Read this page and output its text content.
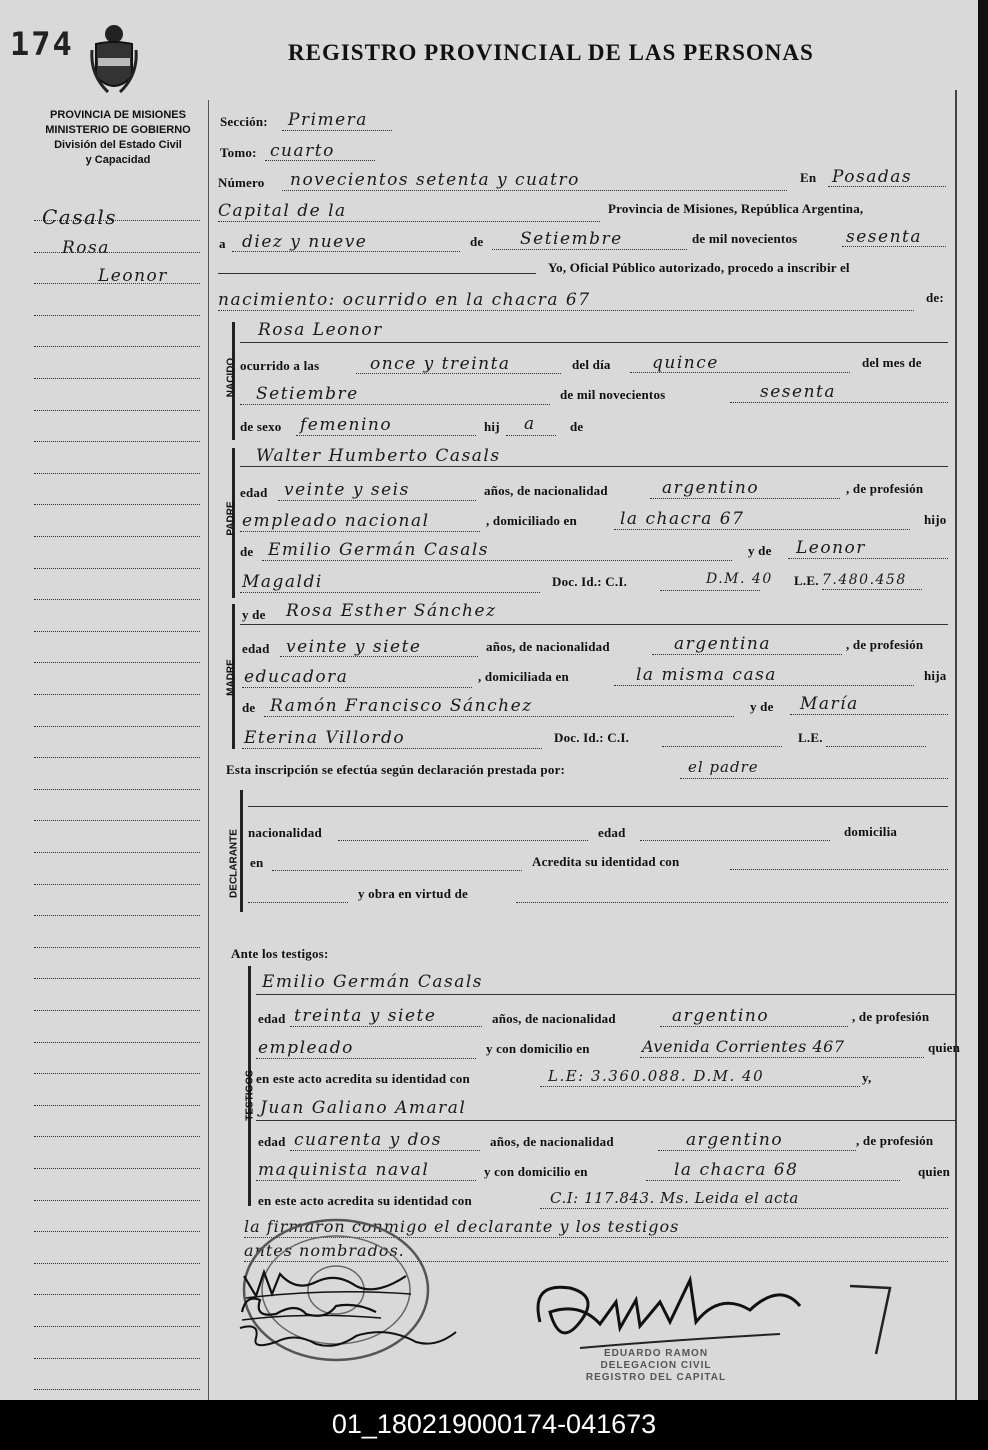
174	REGISTRO PROVINCIAL DE LAS PERSONAS
PROVINCIA DE MISIONES
MINISTERIO DE GOBIERNO
División del Estado Civil
y Capacidad
Casals
Rosa
Leonor
Sección: Primera
Tomo: cuarto
Número novecientos setenta y cuatro	En Posadas
Capital de la	Provincia de Misiones, República Argentina,
a diez y nueve	de Setiembre	de mil novecientos	sesenta
Yo, Oficial Público autorizado, procedo a inscribir el
nacimiento: ocurrido en la chacra 67	de:
NACIDO
Rosa Leonor
ocurrido a las	once y treinta	del día quince	del mes de
Setiembre	de mil novecientos	sesenta
de sexo femenino	hij a	de
PADRE
Walter Humberto Casals
edad veinte y seis	años, de nacionalidad	argentino	, de profesión
empleado nacional	, domiciliado en	la chacra 67	hijo
de Emilio Germán Casals	y de Leonor
Magaldi	Doc. Id.: C.I.	D.M. 40 L.E. 7.480.458
MADRE
y de Rosa Esther Sánchez
edad veinte y siete	años, de nacionalidad	argentina	, de profesión
educadora	, domiciliada en	la misma casa	hija
de Ramón Francisco Sánchez	y de María
Eterina Villordo	Doc. Id.: C.I.	L.E.
Esta inscripción se efectúa según declaración prestada por:	el padre
DECLARANTE nacionalidad	edad	domicilia
en	Acredita su identidad con
y obra en virtud de
Ante los testigos:
TESTIGOS
Emilio Germán Casals
edad treinta y siete	años, de nacionalidad	argentino	, de profesión
empleado	y con domicilio en	Avenida Corrientes 467	quien
en este acto acredita su identidad con	L.E: 3.360.088. D.M. 40	y,
Juan Galiano Amaral
edad cuarenta y dos	años, de nacionalidad	argentino	, de profesión
maquinista naval	y con domicilio en	la chacra 68	quien
en este acto acredita su identidad con	C.I: 117.843. Ms. Leida el acta
la firmaron conmigo el declarante y los testigos
antes nombrados.
EDUARDO RAMON
DELEGACION CIVIL
REGISTRO DEL CAPITAL
01_180219000174-041673
